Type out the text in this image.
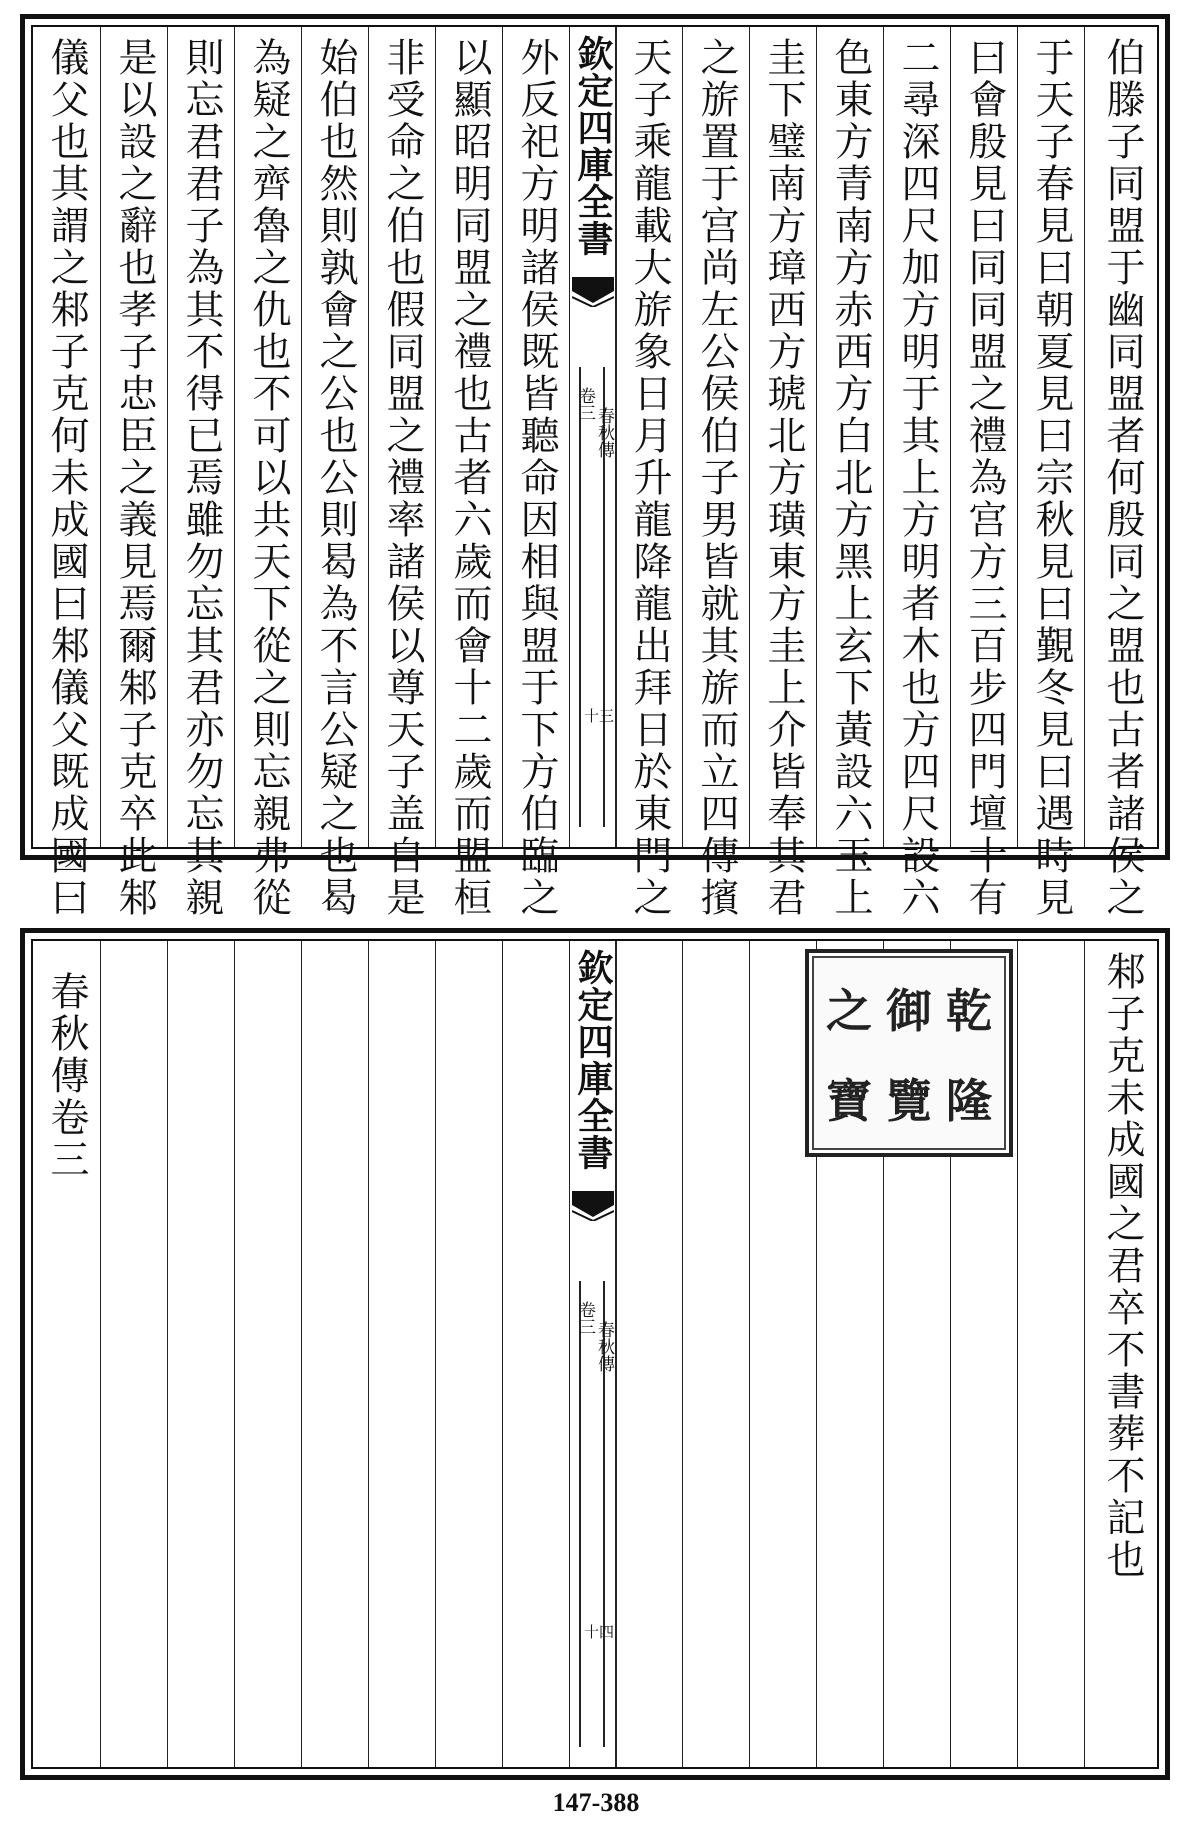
儀父也其謂之邾子克何未成國曰邾儀父既成國曰 是以設之辭也孝子忠臣之義見焉爾邾子克卒此邾 則忘君君子為其不得已焉雖勿忘其君亦勿忘其親 為疑之齊魯之仇也不可以共天下從之則忘親弗從 始伯也然則孰會之公也公則曷為不言公疑之也曷 非受命之伯也假同盟之禮率諸侯以尊天子盖自是 以顯昭明同盟之禮也古者六歲而會十二歲而盟桓 外反祀方明諸侯既皆聽命因相與盟于下方伯臨之 欽定四庫全書
春秋傳
卷三
十三 天子乘龍載大旂象日月升龍降龍出拜日於東門之 之旂置于宫尚左公侯伯子男皆就其旂而立四傳擯 圭下璧南方璋西方琥北方璜東方圭上介皆奉其君 色東方青南方赤西方白北方黑上玄下黃設六玉上 二尋深四尺加方明于其上方明者木也方四尺設六 曰會殷見曰同同盟之禮為宫方三百步四門壇十有 于天子春見曰朝夏見曰宗秋見曰覲冬見曰遇時見 伯滕子同盟于幽同盟者何殷同之盟也古者諸侯之
春秋傳卷三	欽定四庫全書
春秋傳
卷三
十四
邾子克未成國之君卒不書葬不記也
之 御 乾
寶 覽 隆
147-388
